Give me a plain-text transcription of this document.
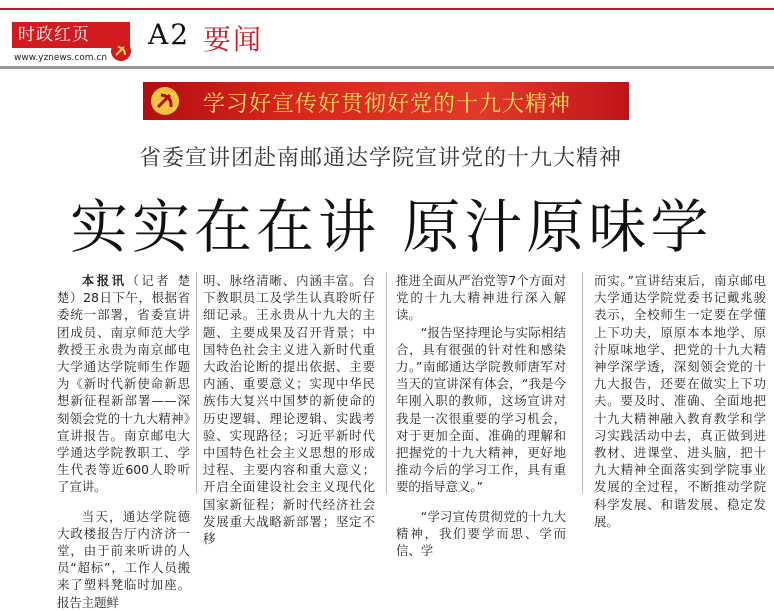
时政红页
www.yznews.com.cn
A2 要闻
学习好宣传好贯彻好党的十九大精神
省委宣讲团赴南邮通达学院宣讲党的十九大精神
实实在在讲 原汁原味学

本报讯（记者 楚楚）28日下午，根据省委统一部署，省委宣讲团成员、南京师范大学教授王永贵为南京邮电大学通达学院师生作题为《新时代新使命新思想新征程新部署——深刻领会党的十九大精神》宣讲报告。南京邮电大学通达学院教职工、学生代表等近600人聆听了宣讲。

当天，通达学院德大政楼报告厅内济济一堂，由于前来听讲的人员“超标”，工作人员搬来了塑料凳临时加座。报告主题鲜

明、脉络清晰、内涵丰富。台下教职员工及学生认真聆听仔细记录。王永贵从十九大的主题、主要成果及召开背景；中国特色社会主义进入新时代重大政治论断的提出依据、主要内涵、重要意义；实现中华民族伟大复兴中国梦的新使命的历史逻辑、理论逻辑、实践考验、实现路径；习近平新时代中国特色社会主义思想的形成过程、主要内容和重大意义；开启全面建设社会主义现代化国家新征程；新时代经济社会发展重大战略新部署；坚定不移

推进全面从严治党等7个方面对党的十九大精神进行深入解读。

“报告坚持理论与实际相结合，具有很强的针对性和感染力。”南邮通达学院教师唐军对当天的宣讲深有体会，“我是今年刚入职的教师，这场宣讲对我是一次很重要的学习机会，对于更加全面、准确的理解和把握党的十九大精神，更好地推动今后的学习工作，具有重要的指导意义。”

“学习宣传贯彻党的十九大精神，我们要学而思、学而信、学

而实。”宣讲结束后，南京邮电大学通达学院党委书记戴兆骏表示，全校师生一定要在学懂上下功夫，原原本本地学、原汁原味地学、把党的十九大精神学深学透，深刻领会党的十九大报告，还要在做实上下功夫。要及时、准确、全面地把十九大精神融入教育教学和学习实践活动中去，真正做到进教材、进课堂、进头脑，把十九大精神全面落实到学院事业发展的全过程，不断推动学院科学发展、和谐发展、稳定发展。
